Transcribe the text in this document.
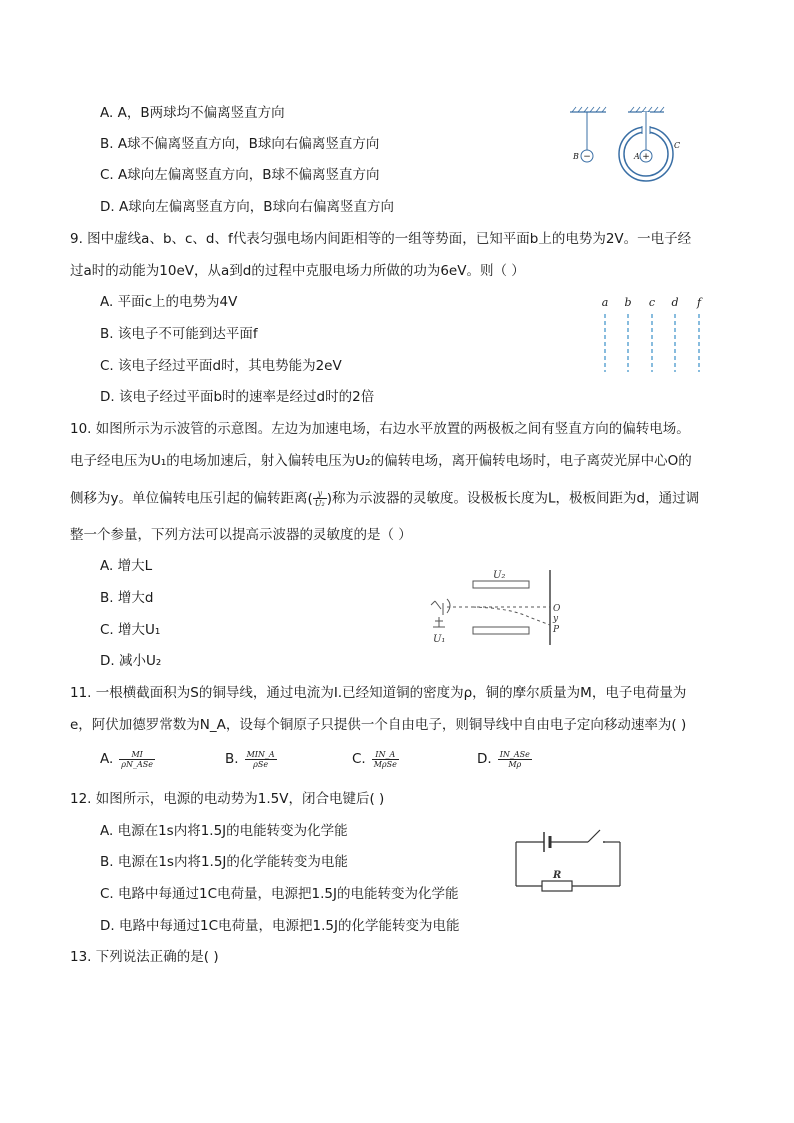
A. A，B两球均不偏离竖直方向
B. A球不偏离竖直方向，B球向右偏离竖直方向
C. A球向左偏离竖直方向，B球不偏离竖直方向
D. A球向左偏离竖直方向，B球向右偏离竖直方向
−
B	+
A
C
9. 图中虚线a、b、c、d、f代表匀强电场内间距相等的一组等势面，已知平面b上的电势为2V。一电子经
过a时的动能为10eV，从a到d的过程中克服电场力所做的功为6eV。则（ ）
A. 平面c上的电势为4V
B. 该电子不可能到达平面f
C. 该电子经过平面d时，其电势能为2eV
D. 该电子经过平面b时的速率是经过d时的2倍
a b c d f
10. 如图所示为示波管的示意图。左边为加速电场，右边水平放置的两极板之间有竖直方向的偏转电场。
电子经电压为U₁的电场加速后，射入偏转电压为U₂的偏转电场，离开偏转电场时，电子离荧光屏中心O的
侧移为y。单位偏转电压引起的偏转距离( $\frac{y}{\text{U₂}}$ )称为示波器的灵敏度。设极板长度为L，极板间距为d，通过调
整一个参量，下列方法可以提高示波器的灵敏度的是（ ）
A. 增大L
B. 增大d
C. 增大U₁
D. 减小U₂
U₂
U₁
O
y
P
11. 一根横截面积为S的铜导线，通过电流为I.已经知道铜的密度为ρ，铜的摩尔质量为M，电子电荷量为
e，阿伏加德罗常数为N_A，设每个铜原子只提供一个自由电子，则铜导线中自由电子定向移动速率为( )
A. $\frac{MI}{\text{ρN\_ASe}}$	B. $\frac{\text{MIN\_A}}{\text{ρSe}}$	C. $\frac{IN\_A}{\text{MρSe}}$	D. $\frac{\text{IN\_ASe}}{M\rho}$
12. 如图所示，电源的电动势为1.5V，闭合电键后( )
A. 电源在1s内将1.5J的电能转变为化学能
B. 电源在1s内将1.5J的化学能转变为电能
C. 电路中每通过1C电荷量，电源把1.5J的电能转变为化学能
D. 电路中每通过1C电荷量，电源把1.5J的化学能转变为电能
R
13. 下列说法正确的是( )
